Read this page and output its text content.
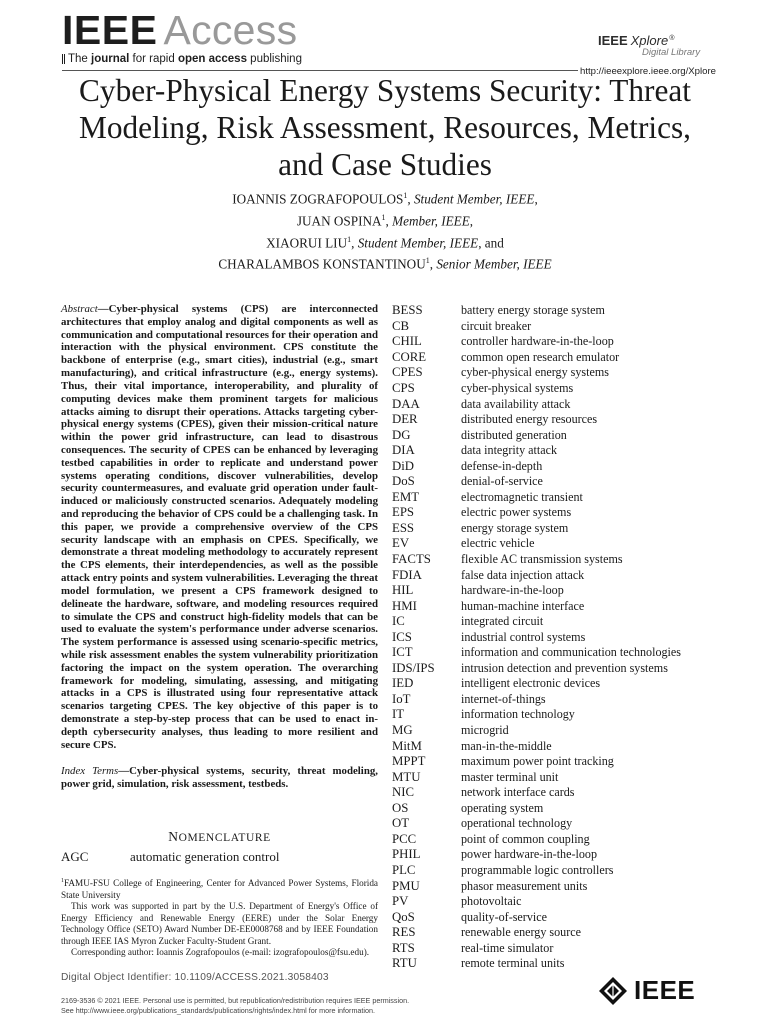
IEEE Access
The journal for rapid open access publishing
IEEE Xplore®
Digital Library
http://ieeexplore.ieee.org/Xplore
Cyber-Physical Energy Systems Security: Threat Modeling, Risk Assessment, Resources, Metrics, and Case Studies
IOANNIS ZOGRAFOPOULOS$^1$, Student Member, IEEE,
JUAN OSPINA$^1$, Member, IEEE,
XIAORUI LIU$^1$, Student Member, IEEE, and
CHARALAMBOS KONSTANTINOU$^1$, Senior Member, IEEE

Abstract—Cyber-physical systems (CPS) are interconnected architectures that employ analog and digital components as well as communication and computational resources for their operation and interaction with the physical environment. CPS constitute the backbone of enterprise (e.g., smart cities), industrial (e.g., smart manufacturing), and critical infrastructure (e.g., energy systems). Thus, their vital importance, interoperability, and plurality of computing devices make them prominent targets for malicious attacks aiming to disrupt their operations. Attacks targeting cyber-physical energy systems (CPES), given their mission-critical nature within the power grid infrastructure, can lead to disastrous consequences. The security of CPES can be enhanced by leveraging testbed capabilities in order to replicate and understand power systems operating conditions, discover vulnerabilities, develop security countermeasures, and evaluate grid operation under fault-induced or maliciously constructed scenarios. Adequately modeling and reproducing the behavior of CPS could be a challenging task. In this paper, we provide a comprehensive overview of the CPS security landscape with an emphasis on CPES. Specifically, we demonstrate a threat modeling methodology to accurately represent the CPS elements, their interdependencies, as well as the possible attack entry points and system vulnerabilities. Leveraging the threat model formulation, we present a CPS framework designed to delineate the hardware, software, and modeling resources required to simulate the CPS and construct high-fidelity models that can be used to evaluate the system's performance under adverse scenarios. The system performance is assessed using scenario-specific metrics, while risk assessment enables the system vulnerability prioritization factoring the impact on the system operation. The overarching framework for modeling, simulating, assessing, and mitigating attacks in a CPS is illustrated using four representative attack scenarios targeting CPES. The key objective of this paper is to demonstrate a step-by-step process that can be used to enact in-depth cybersecurity analyses, thus leading to more resilient and secure CPS.

Index Terms—Cyber-physical systems, security, threat modeling, power grid, simulation, risk assessment, testbeds.

NOMENCLATURE
AGC	automatic generation control

$^1$FAMU-FSU College of Engineering, Center for Advanced Power Systems, Florida State University

This work was supported in part by the U.S. Department of Energy's Office of Energy Efficiency and Renewable Energy (EERE) under the Solar Energy Technology Office (SETO) Award Number DE-EE0008768 and by IEEE Foundation through IEEE IAS Myron Zucker Faculty-Student Grant.

Corresponding author: Ioannis Zografopoulos (e-mail: izografopoulos@fsu.edu).

Digital Object Identifier: 10.1109/ACCESS.2021.3058403
BESS	battery energy storage system
CB	circuit breaker
CHIL	controller hardware-in-the-loop
CORE	common open research emulator
CPES	cyber-physical energy systems
CPS	cyber-physical systems
DAA	data availability attack
DER	distributed energy resources
DG	distributed generation
DIA	data integrity attack
DiD	defense-in-depth
DoS	denial-of-service
EMT	electromagnetic transient
EPS	electric power systems
ESS	energy storage system
EV	electric vehicle
FACTS	flexible AC transmission systems
FDIA	false data injection attack
HIL	hardware-in-the-loop
HMI	human-machine interface
IC	integrated circuit
ICS	industrial control systems
ICT	information and communication technologies
IDS/IPS	intrusion detection and prevention systems
IED	intelligent electronic devices
IoT	internet-of-things
IT	information technology
MG	microgrid
MitM	man-in-the-middle
MPPT	maximum power point tracking
MTU	master terminal unit
NIC	network interface cards
OS	operating system
OT	operational technology
PCC	point of common coupling
PHIL	power hardware-in-the-loop
PLC	programmable logic controllers
PMU	phasor measurement units
PV	photovoltaic
QoS	quality-of-service
RES	renewable energy source
RTS	real-time simulator
RTU	remote terminal units
2169-3536 © 2021 IEEE. Personal use is permitted, but republication/redistribution requires IEEE permission.
See http://www.ieee.org/publications_standards/publications/rights/index.html for more information.
IEEE
